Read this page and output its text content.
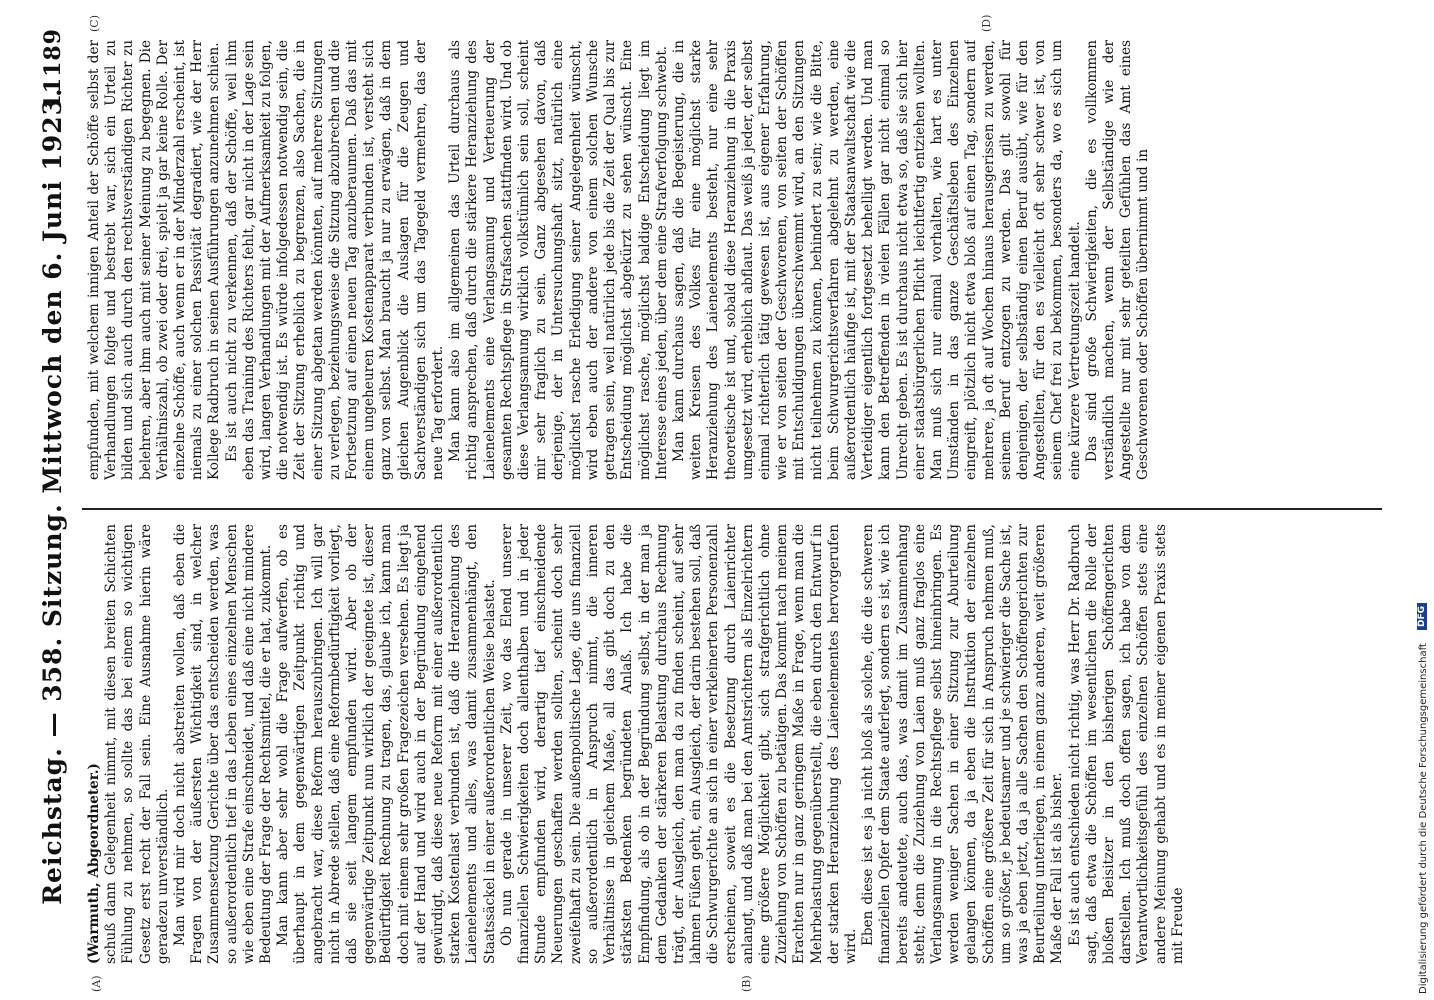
Reichstag. — 358. Sitzung. Mittwoch den 6. Juni 1923.
11189
(A)	(B)
(C)	(D)

(Warmuth, Abgeordneter.) schuß dann Gelegenheit nimmt, mit diesen breiten Schichten Fühlung zu nehmen, so sollte das bei einem so wichtigen Gesetz erst recht der Fall sein. Eine Ausnahme hierin wäre geradezu unverständlich. Man wird mir doch nicht abstreiten wollen, daß eben die Fragen von der äußersten Wichtigkeit sind, in welcher Zusammensetzung Gerichte über das entscheiden werden, was so außerordentlich tief in das Leben eines einzelnen Menschen wie eben eine Strafe einschneidet, und daß eine nicht mindere Bedeutung der Frage der Rechtsmittel, die er hat, zukommt. Man kann aber sehr wohl die Frage aufwerfen, ob es überhaupt in dem gegenwärtigen Zeitpunkt richtig und angebracht war, diese Reform herauszubringen. Ich will gar nicht in Abrede stellen, daß eine Reformbedürftigkeit vorliegt, daß sie seit langem empfunden wird. Aber ob der gegenwärtige Zeitpunkt nun wirklich der geeignete ist, dieser Bedürftigkeit Rechnung zu tragen, das, glaube ich, kann man doch mit einem sehr großen Fragezeichen versehen. Es liegt ja auf der Hand und wird auch in der Begründung eingehend gewürdigt, daß diese neue Reform mit einer außerordentlich starken Kostenlast verbunden ist, daß die Heranziehung des Laienelements und alles, was damit zusammenhängt, den Staatssäckel in einer außerordentlichen Weise belastet. Ob nun gerade in unserer Zeit, wo das Elend unserer finanziellen Schwierigkeiten doch allenthalben und in jeder Stunde empfunden wird, derartig tief einschneidende Neuerungen geschaffen werden sollten, scheint doch sehr zweifelhaft zu sein. Die außenpolitische Lage, die uns finanziell so außerordentlich in Anspruch nimmt, die inneren Verhältnisse in gleichem Maße, all das gibt doch zu den stärksten Bedenken begründeten Anlaß. Ich habe die Empfindung, als ob in der Begründung selbst, in der man ja dem Gedanken der stärkeren Belastung durchaus Rechnung trägt, der Ausgleich, den man da zu finden scheint, auf sehr lahmen Füßen geht, ein Ausgleich, der darin bestehen soll, daß die Schwurgerichte an sich in einer verkleinerten Personenzahl erscheinen, soweit es die Besetzung durch Laienrichter anlangt, und daß man bei den Amtsrichtern als Einzelrichtern eine größere Möglichkeit gibt, sich strafgerichtlich ohne Zuziehung von Schöffen zu betätigen. Das kommt nach meinem Erachten nur in ganz geringem Maße in Frage, wenn man die Mehrbelastung gegenüberstellt, die eben durch den Entwurf in der starken Heranziehung des Laienelementes hervorgerufen wird.

Eben diese ist es ja nicht bloß als solche, die die schweren finanziellen Opfer dem Staate auferlegt, sondern es ist, wie ich bereits andeutete, auch das, was damit im Zusammenhang steht; denn die Zuziehung von Laien muß ganz fraglos eine Verlangsamung in die Rechtspflege selbst hineinbringen. Es werden weniger Sachen in einer Sitzung zur Aburteilung gelangen können, da ja eben die Instruktion der einzelnen Schöffen eine größere Zeit für sich in Anspruch nehmen muß, um so größer, je bedeutsamer und je schwieriger die Sache ist, was ja eben jetzt, da ja alle Sachen den Schöffengerichten zur Beurteilung unterliegen, in einem ganz anderen, weit größeren Maße der Fall ist als bisher. Es ist auch entschieden nicht richtig, was Herr Dr. Radbruch sagt, daß etwa die Schöffen im wesentlichen die Rolle der bloßen Beisitzer in den bisherigen Schöffengerichten darstellen. Ich muß doch offen sagen, ich habe von dem Verantwortlichkeitsgefühl des einzelnen Schöffen stets eine andere Meinung gehabt und es in meiner eigenen Praxis stets mit Freude

empfunden, mit welchem innigen Anteil der Schöffe selbst der Verhandlungen folgte und bestrebt war, sich ein Urteil zu bilden und sich auch durch den rechtsverständigen Richter zu belehren, aber ihm auch mit seiner Meinung zu begegnen. Die Verhältniszahl, ob zwei oder drei, spielt ja gar keine Rolle. Der einzelne Schöffe, auch wenn er in der Minderzahl erscheint, ist niemals zu einer solchen Passivität degradiert, wie der Herr Kollege Radbruch in seinen Ausführungen anzunehmen schien. Es ist auch nicht zu verkennen, daß der Schöffe, weil ihm eben das Training des Richters fehlt, gar nicht in der Lage sein wird, langen Verhandlungen mit der Aufmerksamkeit zu folgen, die notwendig ist. Es würde infolgedessen notwendig sein, die Zeit der Sitzung erheblich zu begrenzen, also Sachen, die in einer Sitzung abgetan werden könnten, auf mehrere Sitzungen zu verlegen, beziehungsweise die Sitzung abzubrechen und die Fortsetzung auf einen neuen Tag anzuberaumen. Daß das mit einem ungeheuren Kostenapparat verbunden ist, versteht sich ganz von selbst. Man braucht ja nur zu erwägen, daß in dem gleichen Augenblick die Auslagen für die Zeugen und Sachverständigen sich um das Tagegeld vermehren, das der neue Tag erfordert. Man kann also im allgemeinen das Urteil durchaus als richtig ansprechen, daß durch die stärkere Heranziehung des Laienelements eine Verlangsamung und Verteuerung der gesamten Rechtspflege in Strafsachen stattfinden wird. Und ob diese Verlangsamung wirklich volkstümlich sein soll, scheint mir sehr fraglich zu sein. Ganz abgesehen davon, daß derjenige, der in Untersuchungshaft sitzt, natürlich eine möglichst rasche Erledigung seiner Angelegenheit wünscht, wird eben auch der andere von einem solchen Wunsche getragen sein, weil natürlich jede bis die Zeit der Qual bis zur Entscheidung möglichst abgekürzt zu sehen wünscht. Eine möglichst rasche, möglichst baldige Entscheidung liegt im Interesse eines jeden, über dem eine Strafverfolgung schwebt. Man kann durchaus sagen, daß die Begeisterung, die in weiten Kreisen des Volkes für eine möglichst starke Heranziehung des Laienelements besteht, nur eine sehr theoretische ist und, sobald diese Heranziehung in die Praxis umgesetzt wird, erheblich abflaut. Das weiß ja jeder, der selbst einmal richterlich tätig gewesen ist, aus eigener Erfahrung, wie er von seiten der Geschworenen, von seiten der Schöffen mit Entschuldigungen überschwemmt wird, an den Sitzungen nicht teilnehmen zu können, behindert zu sein; wie die Bitte, beim Schwurgerichtsverfahren abgelehnt zu werden, eine außerordentlich häufige ist, mit der Staatsanwaltschaft wie die Verteidiger eigentlich fortgesetzt behelligt werden. Und man kann den Betreffenden in vielen Fällen gar nicht einmal so Unrecht geben. Es ist durchaus nicht etwa so, daß sie sich hier einer staatsbürgerlichen Pflicht leichtfertig entziehen wollten. Man muß sich nur einmal vorhalten, wie hart es unter Umständen in das ganze Geschäftsleben des Einzelnen eingreift, plötzlich nicht etwa bloß auf einen Tag, sondern auf mehrere, ja oft auf Wochen hinaus herausgerissen zu werden, seinem Beruf entzogen zu werden. Das gilt sowohl für denjenigen, der selbständig einen Beruf ausübt, wie für den Angestellten, für den es vielleicht oft sehr schwer ist, von seinem Chef frei zu bekommen, besonders da, wo es sich um eine kürzere Vertretungszeit handelt. Das sind große Schwierigkeiten, die es vollkommen verständlich machen, wenn der Selbständige wie der Angestellte nur mit sehr geteilten Gefühlen das Amt eines Geschworenen oder Schöffen übernimmt und in

Digitalisierung gefördert durch die Deutsche Forschungsgemeinschaft
DFG
